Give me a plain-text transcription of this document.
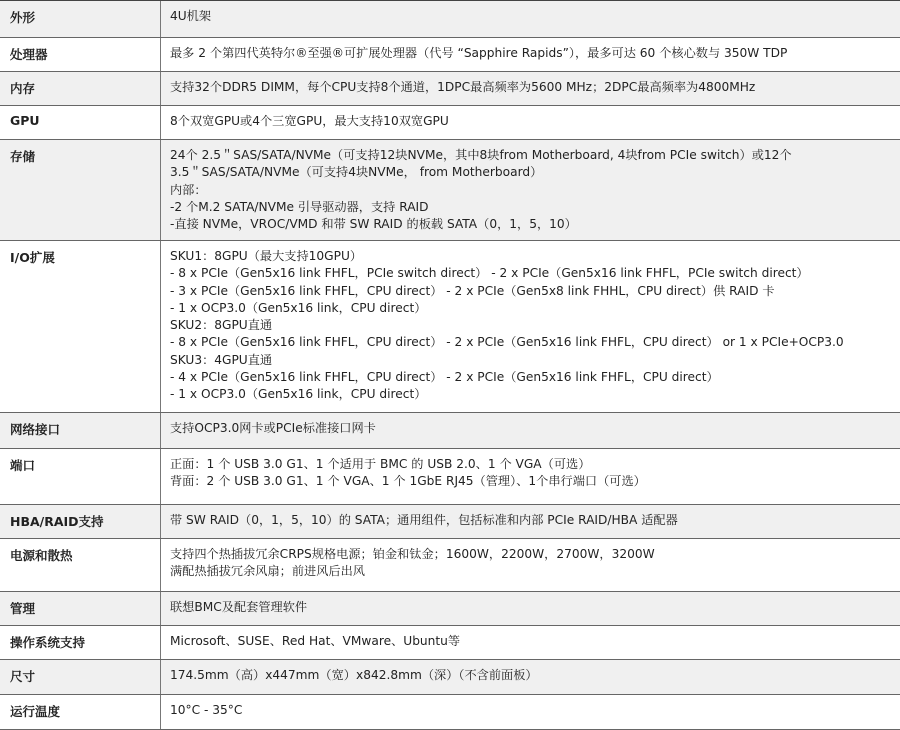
外形	4U机架
处理器	最多 2 个第四代英特尔®至强®可扩展处理器（代号 “Sapphire Rapids”），最多可达 60 个核心数与 350W TDP
内存	支持32个DDR5 DIMM，每个CPU支持8个通道，1DPC最高频率为5600 MHz；2DPC最高频率为4800MHz
GPU	8个双宽GPU或4个三宽GPU，最大支持10双宽GPU
存储	24个 2.5＂SAS/SATA/NVMe（可支持12块NVMe，其中8块from Motherboard, 4块from PCIe switch）或12个
3.5＂SAS/SATA/NVMe（可支持4块NVMe， from Motherboard）
内部：
-2 个M.2 SATA/NVMe 引导驱动器，支持 RAID
-直接 NVMe，VROC/VMD 和带 SW RAID 的板载 SATA（0，1，5，10）
I/O扩展	SKU1：8GPU（最大支持10GPU）
- 8 x PCIe（Gen5x16 link FHFL，PCIe switch direct） - 2 x PCIe（Gen5x16 link FHFL，PCIe switch direct）
- 3 x PCIe（Gen5x16 link FHFL，CPU direct） - 2 x PCIe（Gen5x8 link FHHL，CPU direct）供 RAID 卡
- 1 x OCP3.0（Gen5x16 link，CPU direct）
SKU2：8GPU直通
- 8 x PCIe（Gen5x16 link FHFL，CPU direct） - 2 x PCIe（Gen5x16 link FHFL，CPU direct） or 1 x PCIe+OCP3.0
SKU3：4GPU直通
- 4 x PCIe（Gen5x16 link FHFL，CPU direct） - 2 x PCIe（Gen5x16 link FHFL，CPU direct）
- 1 x OCP3.0（Gen5x16 link，CPU direct）
网络接口	支持OCP3.0网卡或PCIe标准接口网卡
端口	正面：1 个 USB 3.0 G1、1 个适用于 BMC 的 USB 2.0、1 个 VGA（可选）
背面：2 个 USB 3.0 G1、1 个 VGA、1 个 1GbE RJ45（管理）、1个串行端口（可选）
HBA/RAID支持	带 SW RAID（0，1，5，10）的 SATA；通用组件，包括标准和内部 PCIe RAID/HBA 适配器
电源和散热	支持四个热插拔冗余CRPS规格电源；铂金和钛金；1600W，2200W，2700W，3200W
满配热插拔冗余风扇；前进风后出风
管理	联想BMC及配套管理软件
操作系统支持	Microsoft、SUSE、Red Hat、VMware、Ubuntu等
尺寸	174.5mm（高）x447mm（宽）x842.8mm（深）（不含前面板）
运行温度	10°C - 35°C
